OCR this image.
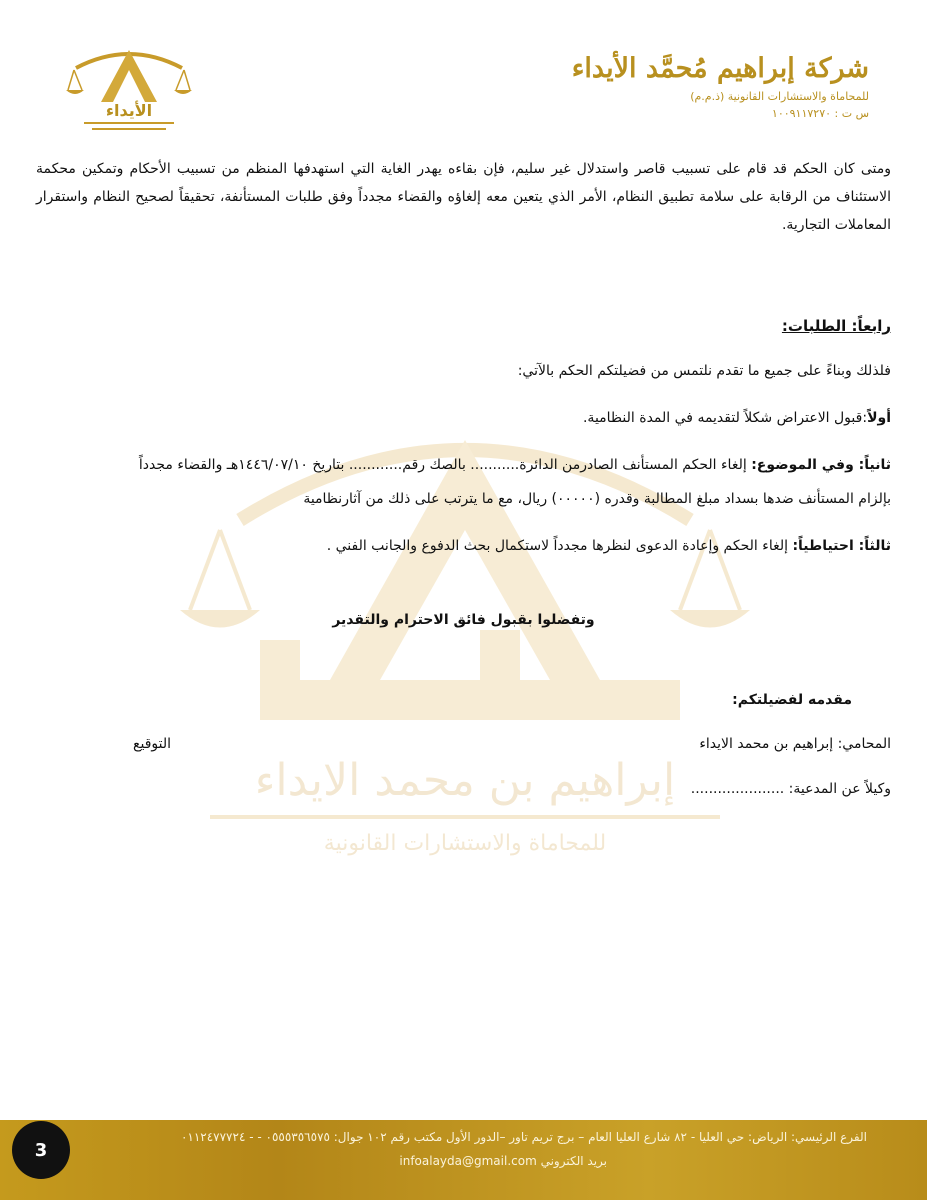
إبراهيم بن محمد الايداء
للمحاماة والاستشارات القانونية
شركة إبراهيم مُحمَّد الأيداء
للمحاماة والاستشارات القانونية (ذ.م.م)
س ت : ١٠٠٩١١٧٢٧٠
الأيداء

ومتى كان الحكم قد قام على تسبيب قاصر واستدلال غير سليم، فإن بقاءه يهدر الغاية التي استهدفها المنظم من تسبيب الأحكام وتمكين محكمة الاستئناف من الرقابة على سلامة تطبيق النظام، الأمر الذي يتعين معه إلغاؤه والقضاء مجدداً وفق طلبات المستأنفة، تحقيقاً لصحيح النظام واستقرار المعاملات التجارية.

رابعاً: الطلبات:
فلذلك وبناءً على جميع ما تقدم نلتمس من فضيلتكم الحكم بالآتي:
أولاً:قبول الاعتراض شكلاً لتقديمه في المدة النظامية.
ثانياً: وفي الموضوع: إلغاء الحكم المستأنف الصادرمن الدائرة........... بالصك رقم............ بتاريخ ١٤٤٦/٠٧/١٠هـ والقضاء مجدداً
بإلزام المستأنف ضدها بسداد مبلغ المطالبة وقدره (٠٠٠٠٠) ريال، مع ما يترتب على ذلك من آثارنظامية
ثالثاً: احتياطياً: إلغاء الحكم وإعادة الدعوى لنظرها مجدداً لاستكمال بحث الدفوع والجانب الفني .
وتفضلوا بقبول فائق الاحترام والتقدير
مقدمه لفضيلتكم:
المحامي: إبراهيم بن محمد الايداء
التوقيع
وكيلاً عن المدعية: .....................
الفرع الرئيسي: الرياض: حي العليا - ٨٢ شارع العليا العام – برج تريم تاور –الدور الأول مكتب رقم ١٠٢ جوال: ٠٥٥٥٣٥٦٥٧٥ - - ٠١١٢٤٧٧٧٢٤
بريد الكتروني infoalayda@gmail.com
3
